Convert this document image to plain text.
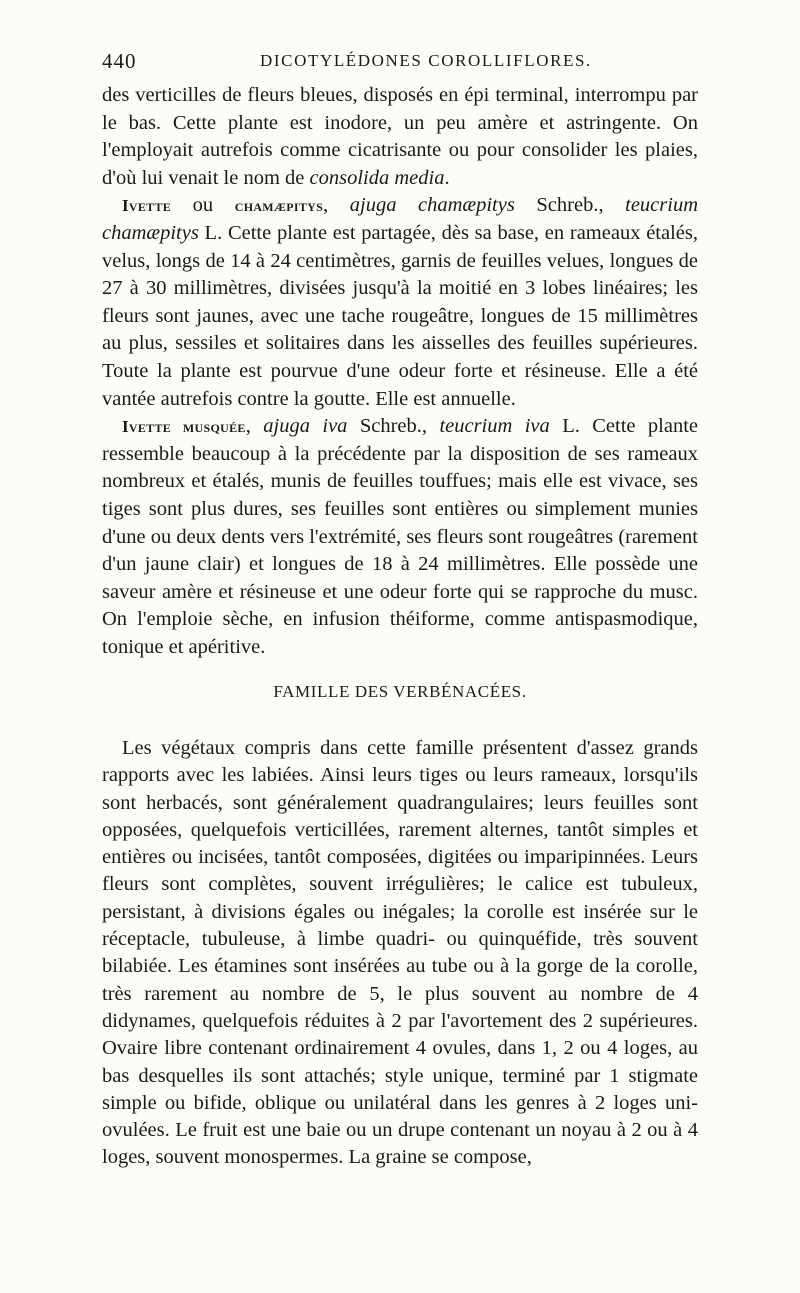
440	DICOTYLÉDONES COROLLIFLORES.

des verticilles de fleurs bleues, disposés en épi terminal, interrompu par le bas. Cette plante est inodore, un peu amère et astringente. On l'employait autrefois comme cicatrisante ou pour consolider les plaies, d'où lui venait le nom de consolida media.

Ivette ou chamæpitys, ajuga chamæpitys Schreb., teucrium chamæpitys L. Cette plante est partagée, dès sa base, en rameaux étalés, velus, longs de 14 à 24 centimètres, garnis de feuilles velues, longues de 27 à 30 millimètres, divisées jusqu'à la moitié en 3 lobes linéaires; les fleurs sont jaunes, avec une tache rougeâtre, longues de 15 millimètres au plus, sessiles et solitaires dans les aisselles des feuilles supérieures. Toute la plante est pourvue d'une odeur forte et résineuse. Elle a été vantée autrefois contre la goutte. Elle est annuelle.

Ivette musquée, ajuga iva Schreb., teucrium iva L. Cette plante ressemble beaucoup à la précédente par la disposition de ses rameaux nombreux et étalés, munis de feuilles touffues; mais elle est vivace, ses tiges sont plus dures, ses feuilles sont entières ou simplement munies d'une ou deux dents vers l'extrémité, ses fleurs sont rougeâtres (rarement d'un jaune clair) et longues de 18 à 24 millimètres. Elle possède une saveur amère et résineuse et une odeur forte qui se rapproche du musc. On l'emploie sèche, en infusion théiforme, comme antispasmodique, tonique et apéritive.

FAMILLE DES VERBÉNACÉES.

Les végétaux compris dans cette famille présentent d'assez grands rapports avec les labiées. Ainsi leurs tiges ou leurs rameaux, lorsqu'ils sont herbacés, sont généralement quadrangulaires; leurs feuilles sont opposées, quelquefois verticillées, rarement alternes, tantôt simples et entières ou incisées, tantôt composées, digitées ou imparipinnées. Leurs fleurs sont complètes, souvent irrégulières; le calice est tubuleux, persistant, à divisions égales ou inégales; la corolle est insérée sur le réceptacle, tubuleuse, à limbe quadri- ou quinquéfide, très souvent bilabiée. Les étamines sont insérées au tube ou à la gorge de la corolle, très rarement au nombre de 5, le plus souvent au nombre de 4 didynames, quelquefois réduites à 2 par l'avortement des 2 supérieures. Ovaire libre contenant ordinairement 4 ovules, dans 1, 2 ou 4 loges, au bas desquelles ils sont attachés; style unique, terminé par 1 stigmate simple ou bifide, oblique ou unilatéral dans les genres à 2 loges uni-ovulées. Le fruit est une baie ou un drupe contenant un noyau à 2 ou à 4 loges, souvent monospermes. La graine se compose,
